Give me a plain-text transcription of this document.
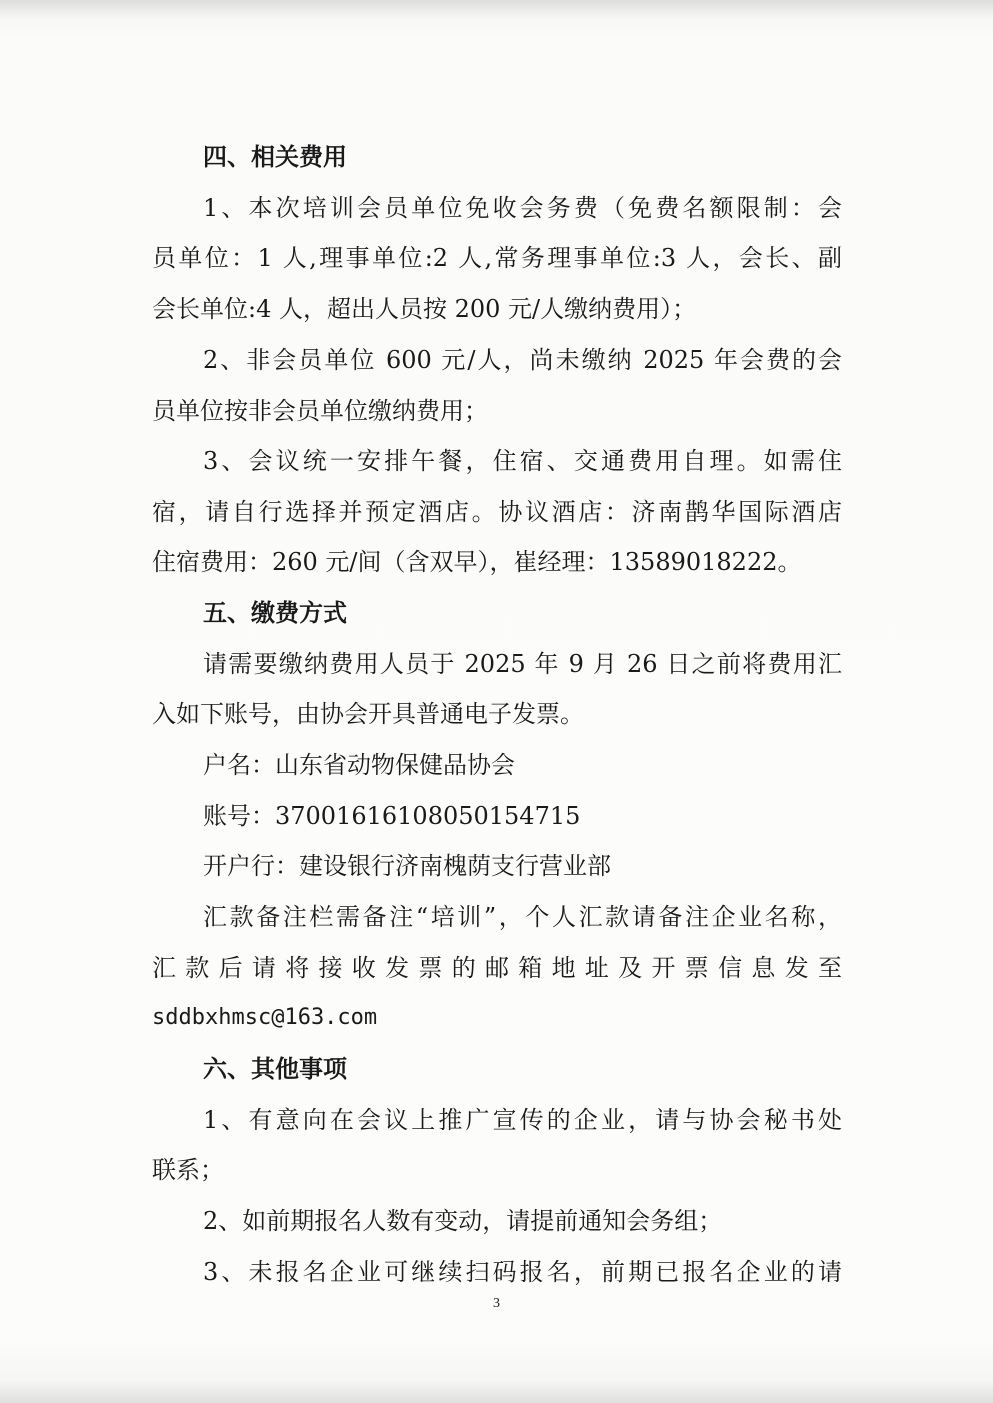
四、相关费用
1、本次培训会员单位免收会务费（免费名额限制：会
员单位：1 人,理事单位:2 人,常务理事单位:3 人，会长、副
会长单位:4 人，超出人员按 200 元/人缴纳费用）；
2、非会员单位 600 元/人，尚未缴纳 2025 年会费的会
员单位按非会员单位缴纳费用；
3、会议统一安排午餐，住宿、交通费用自理。如需住
宿，请自行选择并预定酒店。协议酒店：济南鹊华国际酒店
住宿费用：260 元/间（含双早），崔经理：13589018222。
五、缴费方式
请需要缴纳费用人员于 2025 年 9 月 26 日之前将费用汇
入如下账号，由协会开具普通电子发票。
户名：山东省动物保健品协会
账号：37001616108050154715
开户行：建设银行济南槐荫支行营业部
汇款备注栏需备注“培训”，个人汇款请备注企业名称，
汇款后请将接收发票的邮箱地址及开票信息发至
sddbxhmsc@163.com
六、其他事项
1、有意向在会议上推广宣传的企业，请与协会秘书处
联系；
2、如前期报名人数有变动，请提前通知会务组；
3、未报名企业可继续扫码报名，前期已报名企业的请
3
